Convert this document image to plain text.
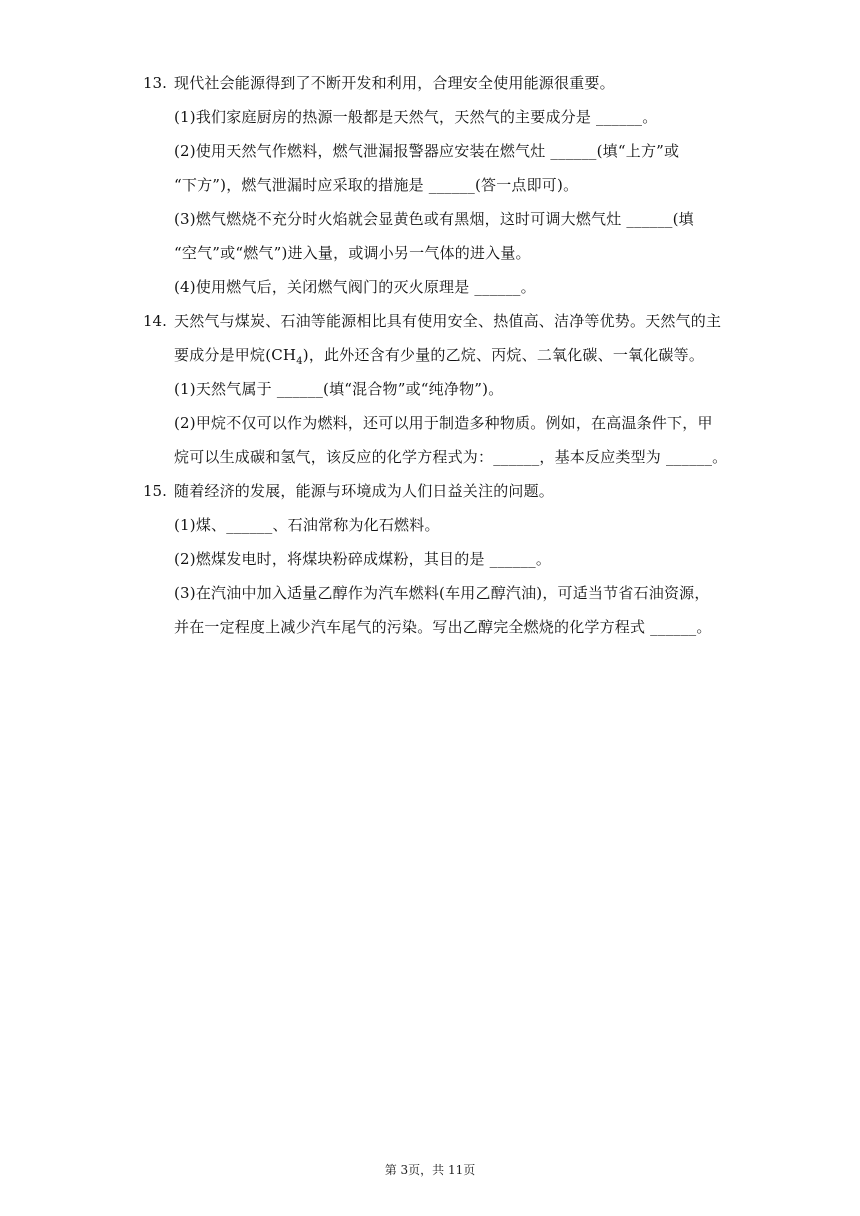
13. 现代社会能源得到了不断开发和利用，合理安全使用能源很重要。
(1)我们家庭厨房的热源一般都是天然气，天然气的主要成分是 ______。
(2)使用天然气作燃料，燃气泄漏报警器应安装在燃气灶 ______(填“上方”或
“下方”)，燃气泄漏时应采取的措施是 ______(答一点即可)。
(3)燃气燃烧不充分时火焰就会显黄色或有黑烟，这时可调大燃气灶 ______(填
“空气”或“燃气”)进入量，或调小另一气体的进入量。
(4)使用燃气后，关闭燃气阀门的灭火原理是 ______。
14. 天然气与煤炭、石油等能源相比具有使用安全、热值高、洁净等优势。天然气的主
要成分是甲烷$(CH_4)$，此外还含有少量的乙烷、丙烷、二氧化碳、一氧化碳等。
(1)天然气属于 ______(填“混合物”或“纯净物”)。
(2)甲烷不仅可以作为燃料，还可以用于制造多种物质。例如，在高温条件下，甲
烷可以生成碳和氢气，该反应的化学方程式为：______，基本反应类型为 ______。
15. 随着经济的发展，能源与环境成为人们日益关注的问题。
(1)煤、______、石油常称为化石燃料。
(2)燃煤发电时，将煤块粉碎成煤粉，其目的是 ______。
(3)在汽油中加入适量乙醇作为汽车燃料(车用乙醇汽油)，可适当节省石油资源，
并在一定程度上减少汽车尾气的污染。写出乙醇完全燃烧的化学方程式 ______。
第 3页，共 11页
